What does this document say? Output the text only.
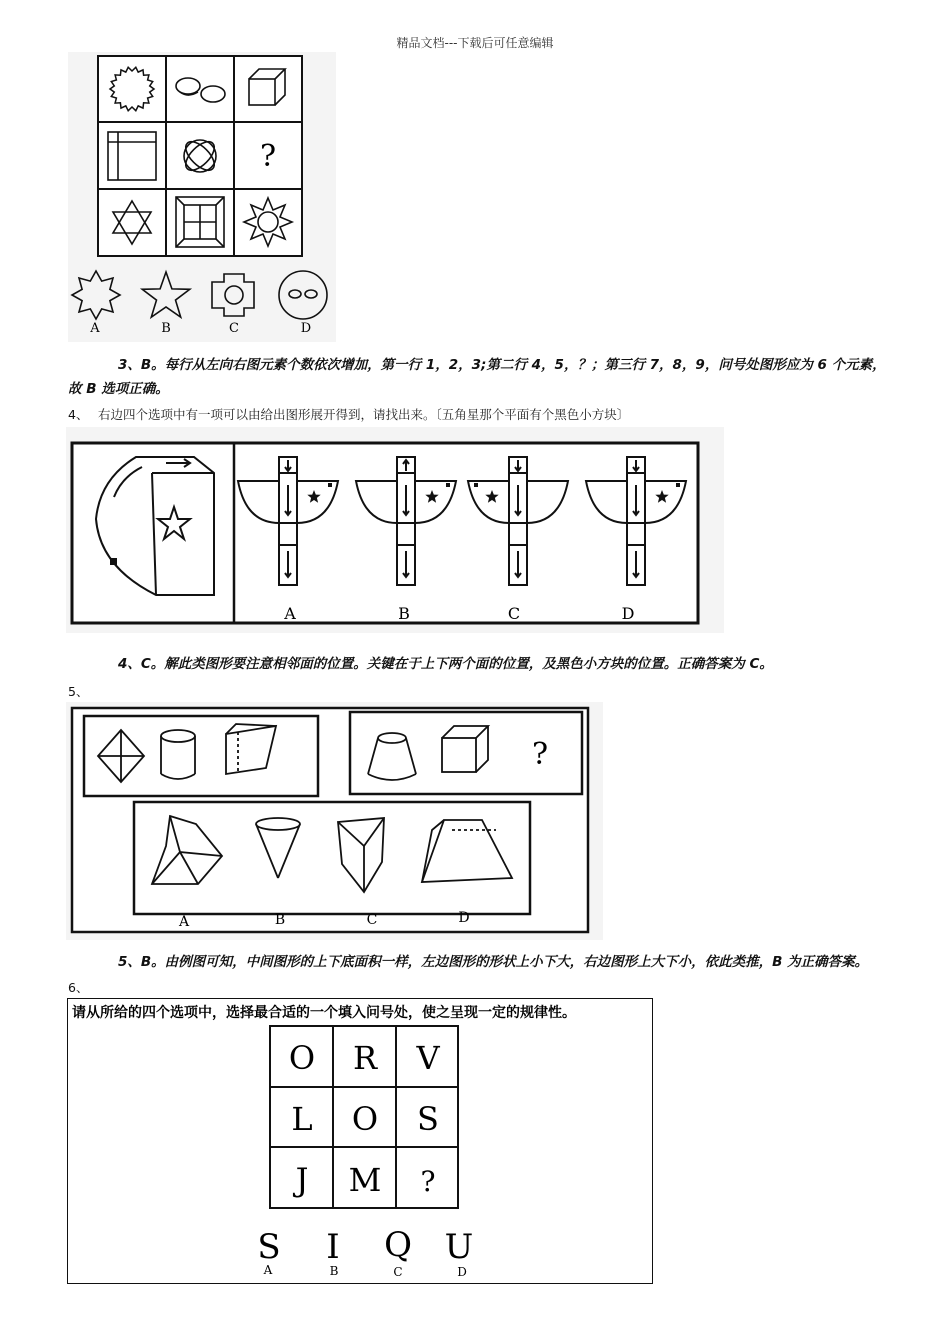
精品文档---下载后可任意编辑
?
A	B	C	D
3、B。每行从左向右图元素个数依次增加，第一行 1，2，3;第二行 4，5，？；第三行 7，8，9，问号处图形应为 6 个元素，
故 B 选项正确。
4、 右边四个选项中有一项可以由给出图形展开得到，请找出来。〔五角星那个平面有个黑色小方块〕
A	B	C	D
4、C。解此类图形要注意相邻面的位置。关键在于上下两个面的位置，及黑色小方块的位置。正确答案为 C。
5、
?
A	B	C	D
5、B。由例图可知，中间图形的上下底面积一样，左边图形的形状上小下大，右边图形上大下小，依此类推，B 为正确答案。
6、
请从所给的四个选项中，选择最合适的一个填入问号处，使之呈现一定的规律性。
O R V
L O S
J M ?
S I Q U
A	B	C	D
